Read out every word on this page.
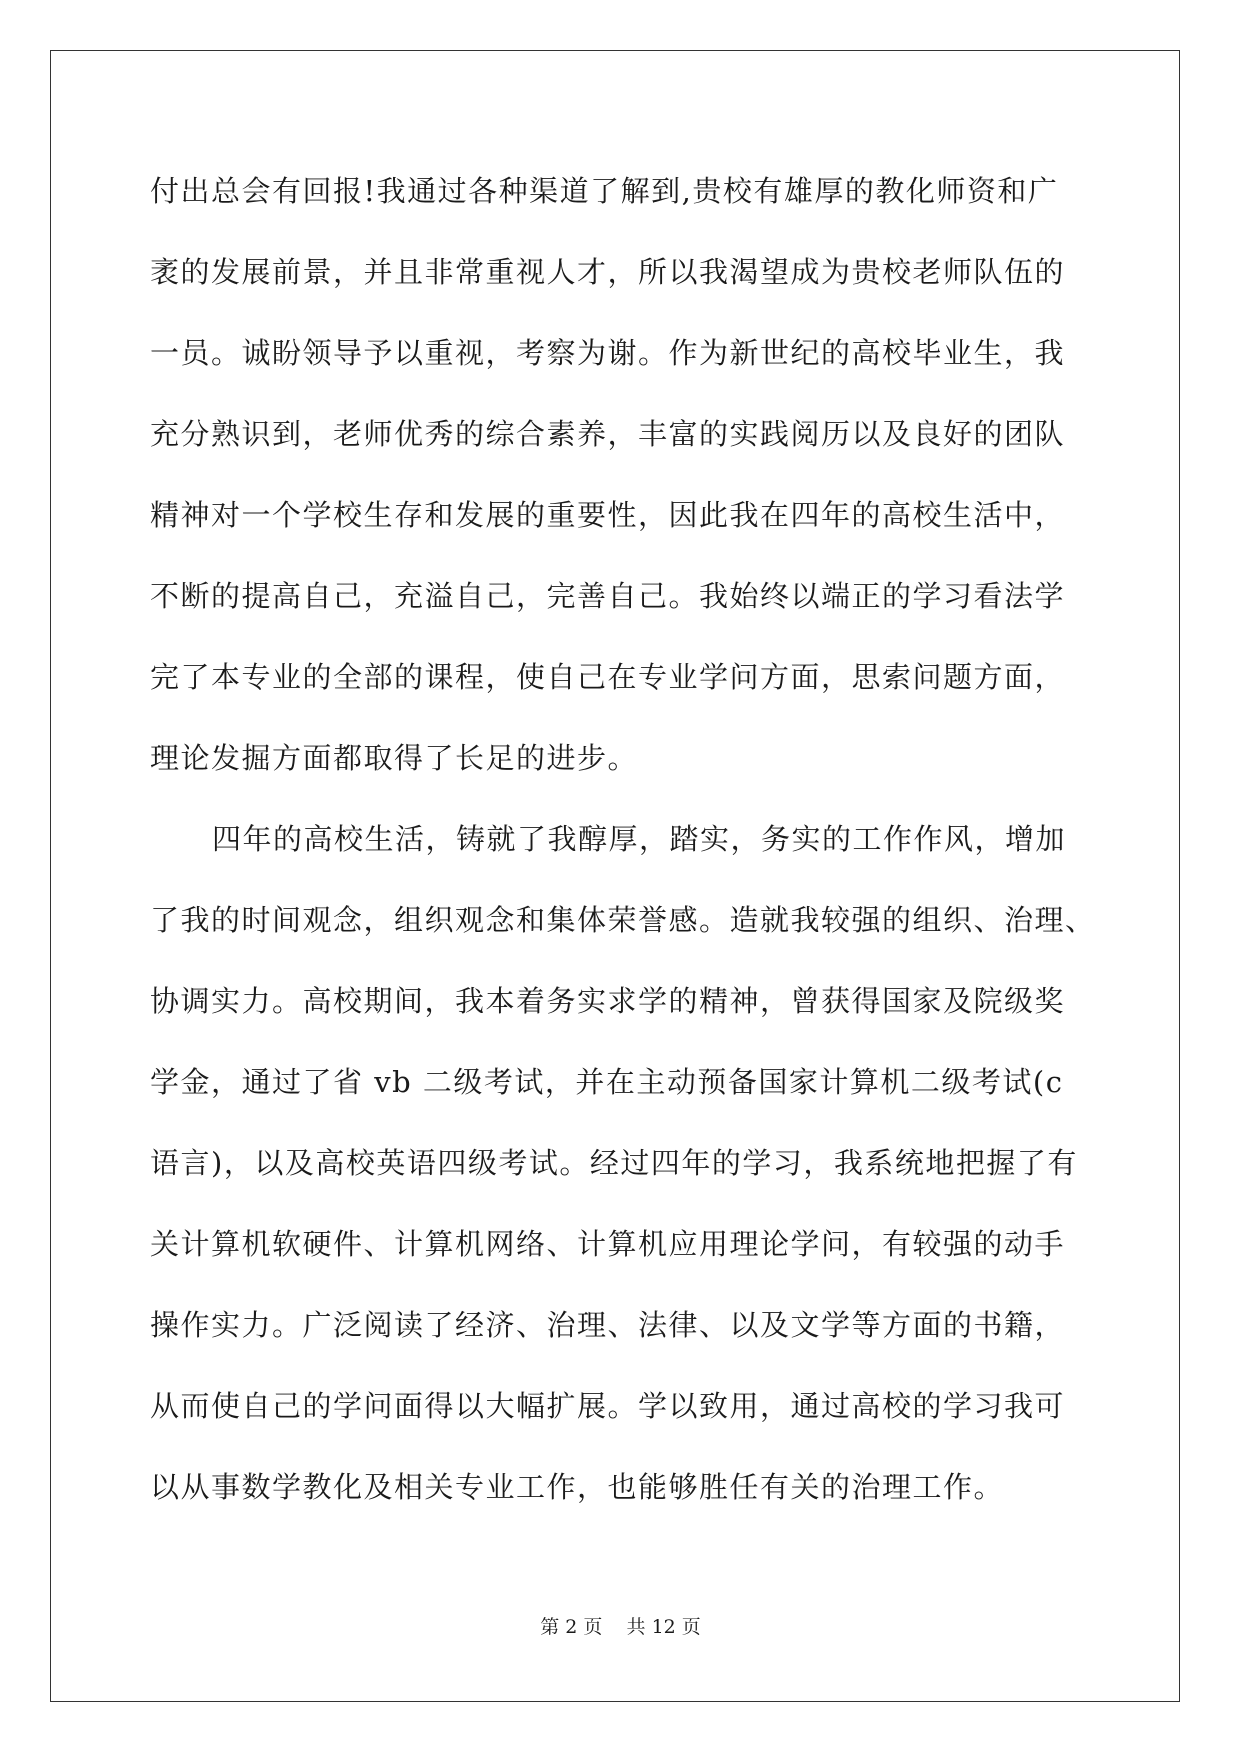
付出总会有回报!我通过各种渠道了解到,贵校有雄厚的教化师资和广
袤的发展前景，并且非常重视人才，所以我渴望成为贵校老师队伍的
一员。诚盼领导予以重视，考察为谢。作为新世纪的高校毕业生，我
充分熟识到，老师优秀的综合素养，丰富的实践阅历以及良好的团队
精神对一个学校生存和发展的重要性，因此我在四年的高校生活中，
不断的提高自己，充溢自己，完善自己。我始终以端正的学习看法学
完了本专业的全部的课程，使自己在专业学问方面，思索问题方面，
理论发掘方面都取得了长足的进步。
四年的高校生活，铸就了我醇厚，踏实，务实的工作作风，增加
了我的时间观念，组织观念和集体荣誉感。造就我较强的组织、治理、
协调实力。高校期间，我本着务实求学的精神，曾获得国家及院级奖
学金，通过了省 vb 二级考试，并在主动预备国家计算机二级考试(c
语言)，以及高校英语四级考试。经过四年的学习，我系统地把握了有
关计算机软硬件、计算机网络、计算机应用理论学问，有较强的动手
操作实力。广泛阅读了经济、治理、法律、以及文学等方面的书籍，
从而使自己的学问面得以大幅扩展。学以致用，通过高校的学习我可
以从事数学教化及相关专业工作，也能够胜任有关的治理工作。
第 2 页    共 12 页
